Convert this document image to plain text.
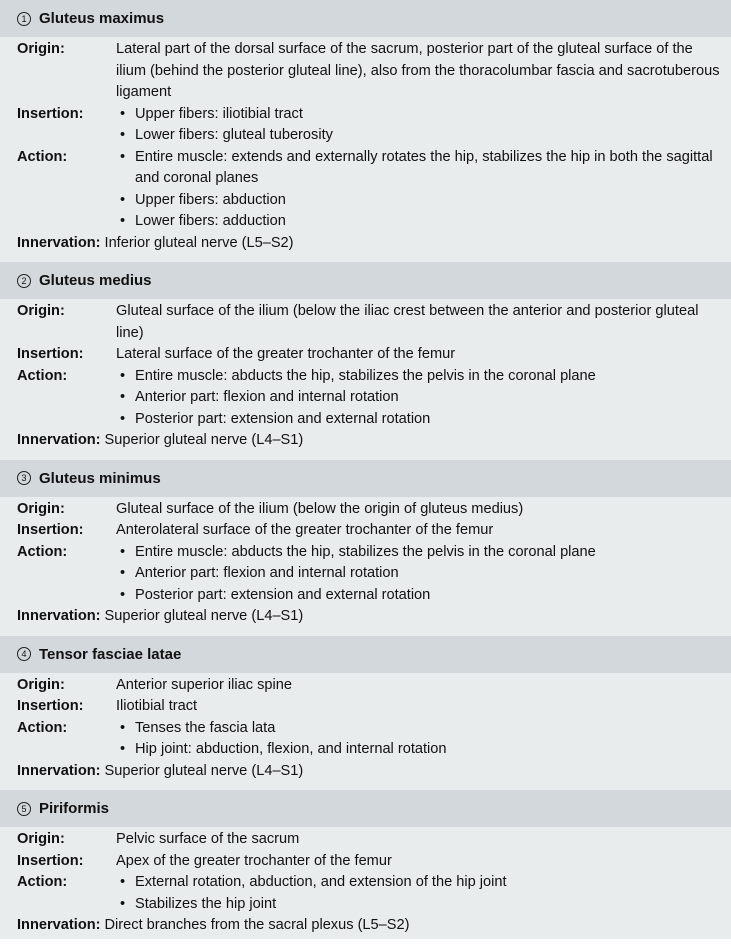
1 Gluteus maximus
Origin:	Lateral part of the dorsal surface of the sacrum, posterior part of the gluteal surface of the ilium (behind the posterior gluteal line), also from the thoracolumbar fascia and sacrotuberous ligament
Insertion:	• Upper fibers: iliotibial tract
• Lower fibers: gluteal tuberosity
Action:	• Entire muscle: extends and externally rotates the hip, stabilizes the hip in both the sagittal and coronal planes
• Upper fibers: abduction
• Lower fibers: adduction
Innervation: Inferior gluteal nerve (L5–S2)
2 Gluteus medius
Origin:	Gluteal surface of the ilium (below the iliac crest between the anterior and posterior gluteal line)
Insertion:	Lateral surface of the greater trochanter of the femur
Action:	• Entire muscle: abducts the hip, stabilizes the pelvis in the coronal plane
• Anterior part: flexion and internal rotation
• Posterior part: extension and external rotation
Innervation: Superior gluteal nerve (L4–S1)
3 Gluteus minimus
Origin:	Gluteal surface of the ilium (below the origin of gluteus medius)
Insertion:	Anterolateral surface of the greater trochanter of the femur
Action:	• Entire muscle: abducts the hip, stabilizes the pelvis in the coronal plane
• Anterior part: flexion and internal rotation
• Posterior part: extension and external rotation
Innervation: Superior gluteal nerve (L4–S1)
4 Tensor fasciae latae
Origin:	Anterior superior iliac spine
Insertion:	Iliotibial tract
Action:	• Tenses the fascia lata
• Hip joint: abduction, flexion, and internal rotation
Innervation: Superior gluteal nerve (L4–S1)
5 Piriformis
Origin:	Pelvic surface of the sacrum
Insertion:	Apex of the greater trochanter of the femur
Action:	• External rotation, abduction, and extension of the hip joint
• Stabilizes the hip joint
Innervation: Direct branches from the sacral plexus (L5–S2)
